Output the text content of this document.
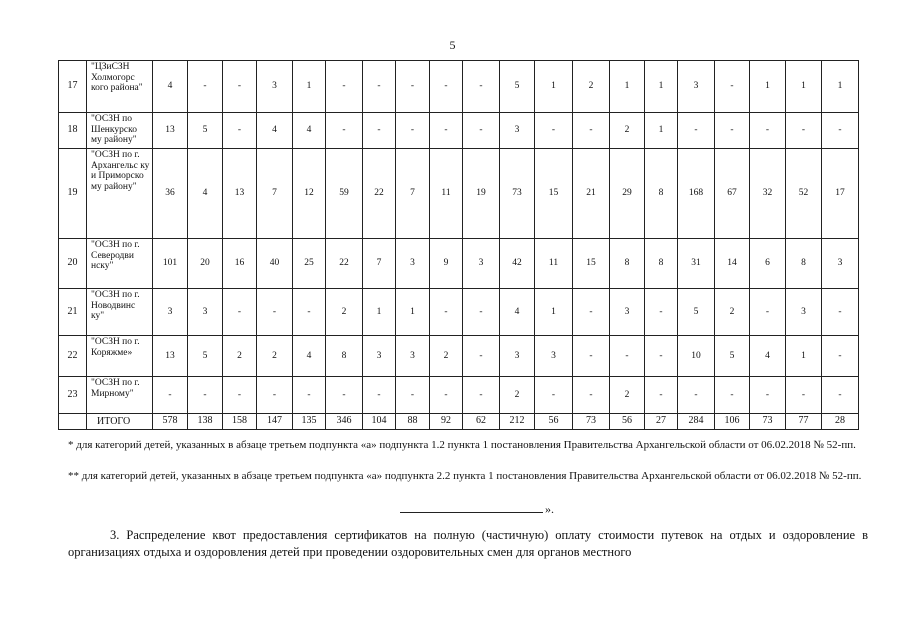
5
17	"ЦЗиСЗН Холмогорс кого района"	4	-	-	3	1	-	-	-	-	-	5	1	2	1	1	3	-	1	1	1
18	"ОСЗН по Шенкурско му району"	13	5	-	4	4	-	-	-	-	-	3	-	-	2	1	-	-	-	-	-
19	"ОСЗН по г. Архангельс ку и Приморско му району"	36	4	13	7	12	59	22	7	11	19	73	15	21	29	8	168	67	32	52	17
20	"ОСЗН по г. Северодви нску"	101	20	16	40	25	22	7	3	9	3	42	11	15	8	8	31	14	6	8	3
21	"ОСЗН по г. Новодвинс ку"	3	3	-	-	-	2	1	1	-	-	4	1	-	3	-	5	2	-	3	-
22	"ОСЗН по г. Коряжме»	13	5	2	2	4	8	3	3	2	-	3	3	-	-	-	10	5	4	1	-
23	"ОСЗН по г. Мирному"	-	-	-	-	-	-	-	-	-	-	2	-	-	2	-	-	-	-	-	-
	ИТОГО	578	138	158	147	135	346	104	88	92	62	212	56	73	56	27	284	106	73	77	28
* для категорий детей, указанных в абзаце третьем подпункта «а» подпункта 1.2 пункта 1 постановления Правительства Архангельской области от 06.02.2018 № 52-пп.
** для категорий детей, указанных в абзаце третьем подпункта «а» подпункта 2.2 пункта 1 постановления Правительства Архангельской области от 06.02.2018 № 52-пп.
».

3. Распределение квот предоставления сертификатов на полную (частичную) оплату стоимости путевок на отдых и оздоровление в организациях отдыха и оздоровления детей при проведении оздоровительных смен для органов местного
